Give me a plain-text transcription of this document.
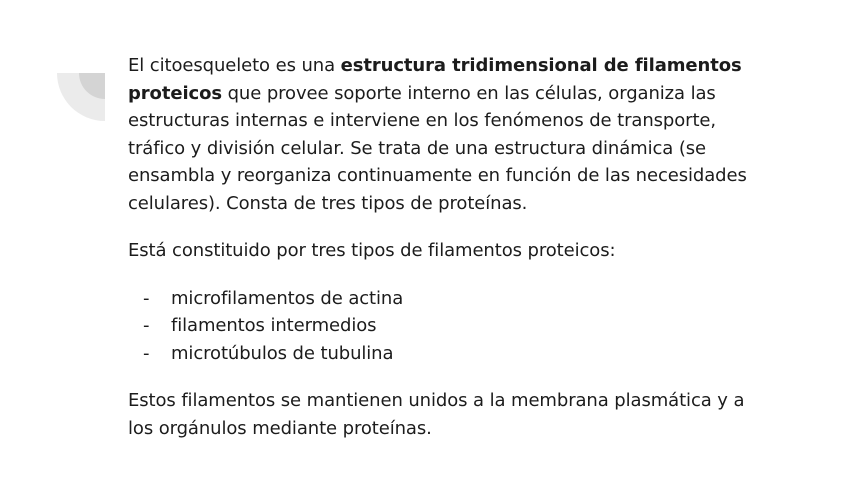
El citoesqueleto es una estructura tridimensional de filamentos proteicos que provee soporte interno en las células, organiza las estructuras internas e interviene en los fenómenos de transporte, tráfico y división celular. Se trata de una estructura dinámica (se ensambla y reorganiza continuamente en función de las necesidades celulares). Consta de tres tipos de proteínas.

Está constituido por tres tipos de filamentos proteicos:

- microfilamentos de actina
- filamentos intermedios
- microtúbulos de tubulina

Estos filamentos se mantienen unidos a la membrana plasmática y a los orgánulos mediante proteínas.
